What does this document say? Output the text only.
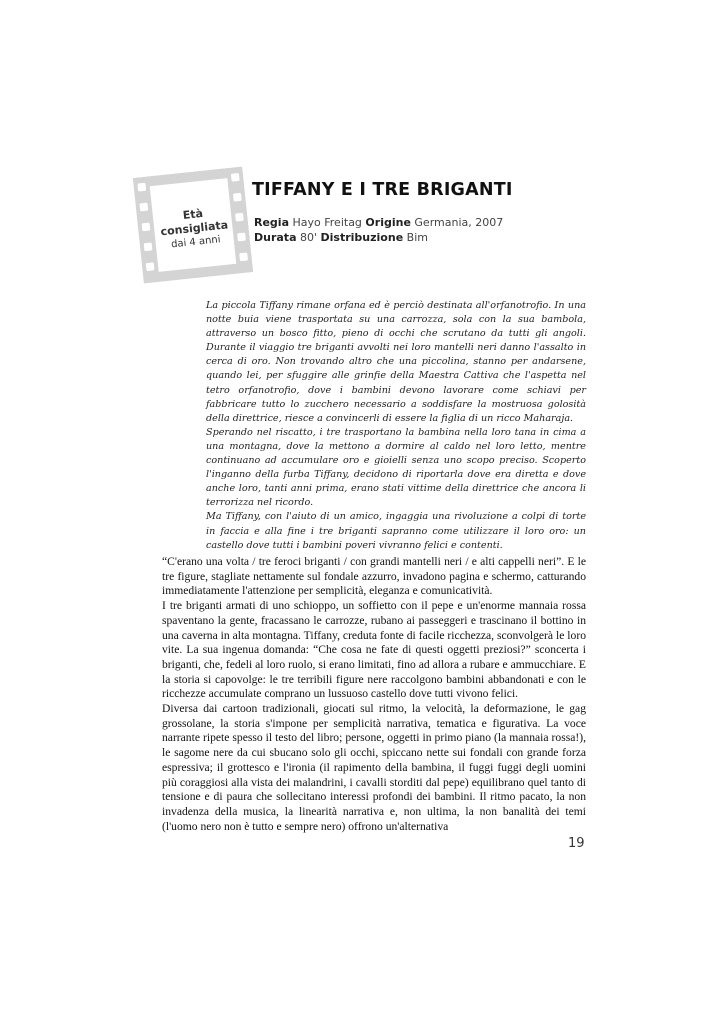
Età
consigliata
dai 4 anni
TIFFANY E I TRE BRIGANTI
Regia Hayo Freitag Origine Germania, 2007
Durata 80' Distribuzione Bim

La piccola Tiffany rimane orfana ed è perciò destinata all'orfanotrofio. In una notte buia viene trasportata su una carrozza, sola con la sua bambola, attraverso un bosco fitto, pieno di occhi che scrutano da tutti gli angoli. Durante il viaggio tre briganti avvolti nei loro mantelli neri danno l'assalto in cerca di oro. Non trovando altro che una piccolina, stanno per andarsene, quando lei, per sfuggire alle grinfie della Maestra Cattiva che l'aspetta nel tetro orfanotrofio, dove i bambini devono lavorare come schiavi per fabbricare tutto lo zucchero necessario a soddisfare la mostruosa golosità della direttrice, riesce a convincerli di essere la figlia di un ricco Maharaja.

Sperando nel riscatto, i tre trasportano la bambina nella loro tana in cima a una montagna, dove la mettono a dormire al caldo nel loro letto, mentre continuano ad accumulare oro e gioielli senza uno scopo preciso. Scoperto l'inganno della furba Tiffany, decidono di riportarla dove era diretta e dove anche loro, tanti anni prima, erano stati vittime della direttrice che ancora li terrorizza nel ricordo.

Ma Tiffany, con l'aiuto di un amico, ingaggia una rivoluzione a colpi di torte in faccia e alla fine i tre briganti sapranno come utilizzare il loro oro: un castello dove tutti i bambini poveri vivranno felici e contenti.

“C'erano una volta / tre feroci briganti / con grandi mantelli neri / e alti cappelli neri”. E le tre figure, stagliate nettamente sul fondale azzurro, invadono pagina e schermo, catturando immediatamente l'attenzione per semplicità, eleganza e comunicatività.

I tre briganti armati di uno schioppo, un soffietto con il pepe e un'enorme mannaia rossa spaventano la gente, fracassano le carrozze, rubano ai passeggeri e trascinano il bottino in una caverna in alta montagna. Tiffany, creduta fonte di facile ricchezza, sconvolgerà le loro vite. La sua ingenua domanda: “Che cosa ne fate di questi oggetti preziosi?” sconcerta i briganti, che, fedeli al loro ruolo, si erano limitati, fino ad allora a rubare e ammucchiare. E la storia si capovolge: le tre terribili figure nere raccolgono bambini abbandonati e con le ricchezze accumulate comprano un lussuoso castello dove tutti vivono felici.

Diversa dai cartoon tradizionali, giocati sul ritmo, la velocità, la deformazione, le gag grossolane, la storia s'impone per semplicità narrativa, tematica e figurativa. La voce narrante ripete spesso il testo del libro; persone, oggetti in primo piano (la mannaia rossa!), le sagome nere da cui sbucano solo gli occhi, spiccano nette sui fondali con grande forza espressiva; il grottesco e l'ironia (il rapimento della bambina, il fuggi fuggi degli uomini più coraggiosi alla vista dei malandrini, i cavalli storditi dal pepe) equilibrano quel tanto di tensione e di paura che sollecitano interessi profondi dei bambini. Il ritmo pacato, la non invadenza della musica, la linearità narrativa e, non ultima, la non banalità dei temi (l'uomo nero non è tutto e sempre nero) offrono un'alternativa

19
